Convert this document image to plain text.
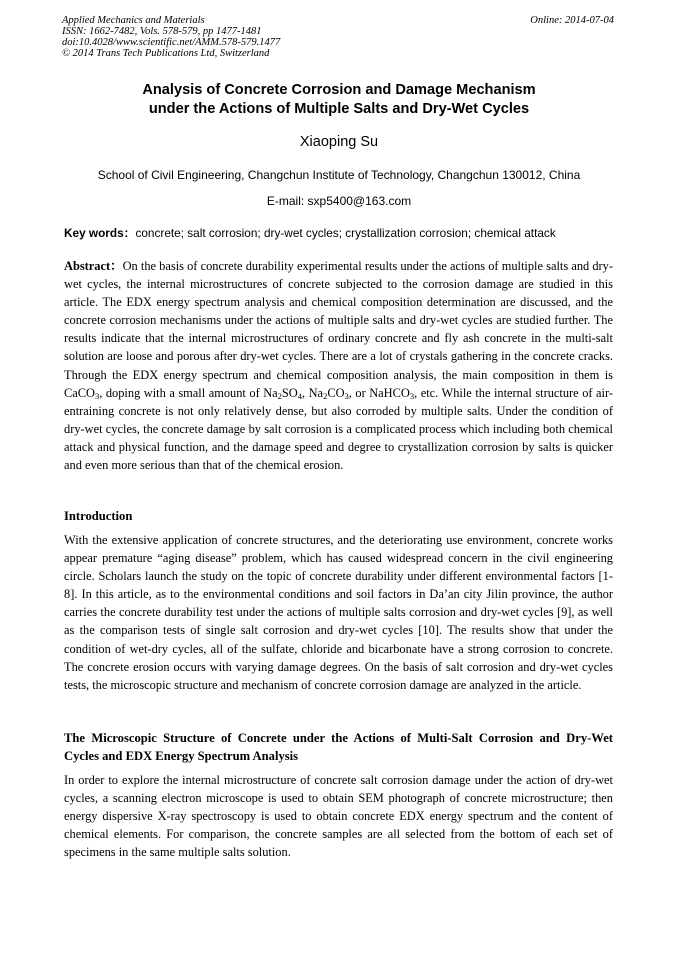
Applied Mechanics and Materials
ISSN: 1662-7482, Vols. 578-579, pp 1477-1481
doi:10.4028/www.scientific.net/AMM.578-579.1477
© 2014 Trans Tech Publications Ltd, Switzerland
Online: 2014-07-04
Analysis of Concrete Corrosion and Damage Mechanism
under the Actions of Multiple Salts and Dry-Wet Cycles
Xiaoping Su
School of Civil Engineering, Changchun Institute of Technology, Changchun 130012, China
E-mail: sxp5400@163.com
Key words：concrete; salt corrosion; dry-wet cycles; crystallization corrosion; chemical attack
Abstract：On the basis of concrete durability experimental results under the actions of multiple salts and dry-wet cycles, the internal microstructures of concrete subjected to the corrosion damage are studied in this article. The EDX energy spectrum analysis and chemical composition determination are discussed, and the concrete corrosion mechanisms under the actions of multiple salts and dry-wet cycles are studied further. The results indicate that the internal microstructures of ordinary concrete and fly ash concrete in the multi-salt solution are loose and porous after dry-wet cycles. There are a lot of crystals gathering in the concrete cracks. Through the EDX energy spectrum and chemical composition analysis, the main composition in them is CaCO$_3$, doping with a small amount of $Na_2SO_4$, $Na_2CO_3$, or NaHCO$_3$, etc. While the internal structure of air-entraining concrete is not only relatively dense, but also corroded by multiple salts. Under the condition of dry-wet cycles, the concrete damage by salt corrosion is a complicated process which including both chemical attack and physical function, and the damage speed and degree to crystallization corrosion by salts is quicker and even more serious than that of the chemical erosion.
Introduction
With the extensive application of concrete structures, and the deteriorating use environment, concrete works appear premature “aging disease” problem, which has caused widespread concern in the civil engineering circle. Scholars launch the study on the topic of concrete durability under different environmental factors [1-8]. In this article, as to the environmental conditions and soil factors in Da’an city Jilin province, the author carries the concrete durability test under the actions of multiple salts corrosion and dry-wet cycles [9], as well as the comparison tests of single salt corrosion and dry-wet cycles [10]. The results show that under the condition of wet-dry cycles, all of the sulfate, chloride and bicarbonate have a strong corrosion to concrete. The concrete erosion occurs with varying damage degrees. On the basis of salt corrosion and dry-wet cycles tests, the microscopic structure and mechanism of concrete corrosion damage are analyzed in the article.
The Microscopic Structure of Concrete under the Actions of Multi-Salt Corrosion and Dry-Wet Cycles and EDX Energy Spectrum Analysis
In order to explore the internal microstructure of concrete salt corrosion damage under the action of dry-wet cycles, a scanning electron microscope is used to obtain SEM photograph of concrete microstructure; then energy dispersive X-ray spectroscopy is used to obtain concrete EDX energy spectrum and the content of chemical elements. For comparison, the concrete samples are all selected from the bottom of each set of specimens in the same multiple salts solution.
